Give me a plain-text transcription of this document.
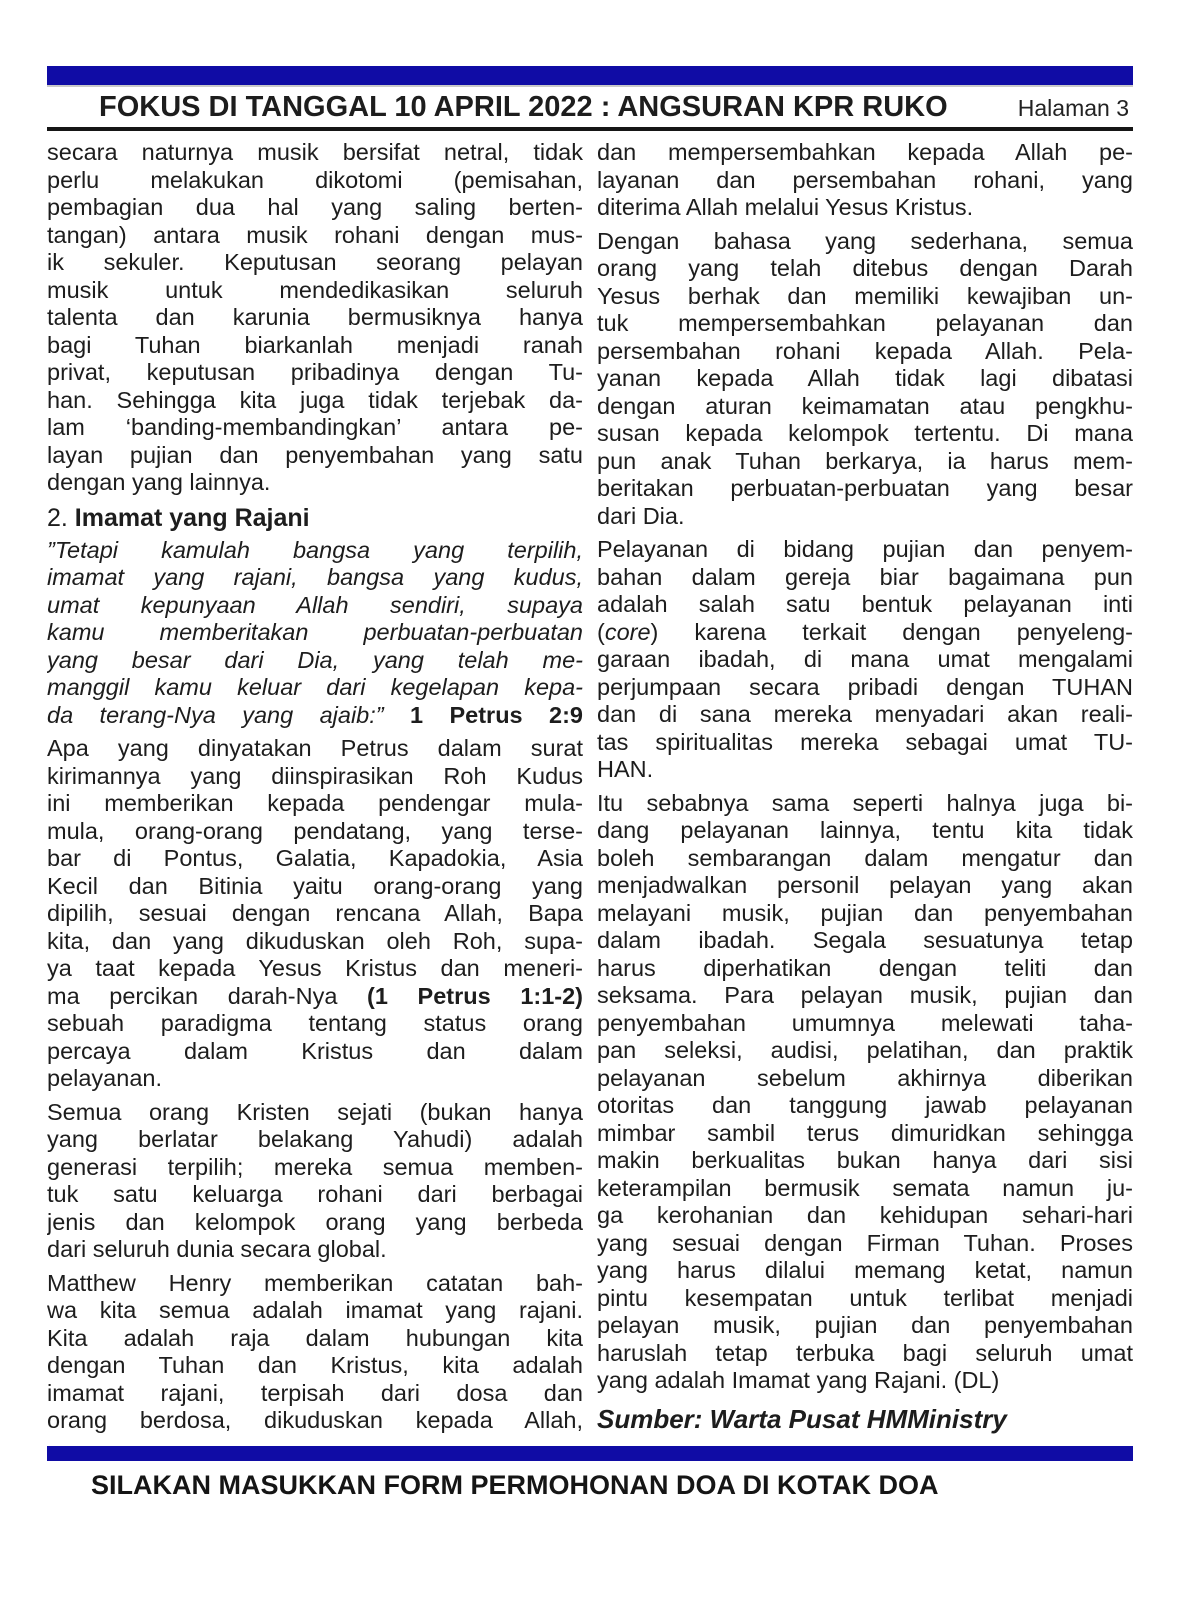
FOKUS DI TANGGAL 10 APRIL 2022 : ANGSURAN KPR RUKO	Halaman 3
secara naturnya musik bersifat netral, tidak
perlu melakukan dikotomi (pemisahan,
pembagian dua hal yang saling berten-
tangan) antara musik rohani dengan mus-
ik sekuler. Keputusan seorang pelayan
musik untuk mendedikasikan seluruh
talenta dan karunia bermusiknya hanya
bagi Tuhan biarkanlah menjadi ranah
privat, keputusan pribadinya dengan Tu-
han. Sehingga kita juga tidak terjebak da-
lam ‘banding-membandingkan’ antara pe-
layan pujian dan penyembahan yang satu
dengan yang lainnya.
2. Imamat yang Rajani
”Tetapi kamulah bangsa yang terpilih,
imamat yang rajani, bangsa yang kudus,
umat kepunyaan Allah sendiri, supaya
kamu memberitakan perbuatan-perbuatan
yang besar dari Dia, yang telah me-
manggil kamu keluar dari kegelapan kepa-
da terang-Nya yang ajaib:” 1 Petrus 2:9
Apa yang dinyatakan Petrus dalam surat
kirimannya yang diinspirasikan Roh Kudus
ini memberikan kepada pendengar mula-
mula, orang-orang pendatang, yang terse-
bar di Pontus, Galatia, Kapadokia, Asia
Kecil dan Bitinia yaitu orang-orang yang
dipilih, sesuai dengan rencana Allah, Bapa
kita, dan yang dikuduskan oleh Roh, supa-
ya taat kepada Yesus Kristus dan meneri-
ma percikan darah-Nya (1 Petrus 1:1-2)
sebuah paradigma tentang status orang
percaya dalam Kristus dan dalam
pelayanan.
Semua orang Kristen sejati (bukan hanya
yang berlatar belakang Yahudi) adalah
generasi terpilih; mereka semua memben-
tuk satu keluarga rohani dari berbagai
jenis dan kelompok orang yang berbeda
dari seluruh dunia secara global.
Matthew Henry memberikan catatan bah-
wa kita semua adalah imamat yang rajani.
Kita adalah raja dalam hubungan kita
dengan Tuhan dan Kristus, kita adalah
imamat rajani, terpisah dari dosa dan
orang berdosa, dikuduskan kepada Allah,
dan mempersembahkan kepada Allah pe-
layanan dan persembahan rohani, yang
diterima Allah melalui Yesus Kristus.
Dengan bahasa yang sederhana, semua
orang yang telah ditebus dengan Darah
Yesus berhak dan memiliki kewajiban un-
tuk mempersembahkan pelayanan dan
persembahan rohani kepada Allah. Pela-
yanan kepada Allah tidak lagi dibatasi
dengan aturan keimamatan atau pengkhu-
susan kepada kelompok tertentu. Di mana
pun anak Tuhan berkarya, ia harus mem-
beritakan perbuatan-perbuatan yang besar
dari Dia.
Pelayanan di bidang pujian dan penyem-
bahan dalam gereja biar bagaimana pun
adalah salah satu bentuk pelayanan inti
(core) karena terkait dengan penyeleng-
garaan ibadah, di mana umat mengalami
perjumpaan secara pribadi dengan TUHAN
dan di sana mereka menyadari akan reali-
tas spiritualitas mereka sebagai umat TU-
HAN.
Itu sebabnya sama seperti halnya juga bi-
dang pelayanan lainnya, tentu kita tidak
boleh sembarangan dalam mengatur dan
menjadwalkan personil pelayan yang akan
melayani musik, pujian dan penyembahan
dalam ibadah. Segala sesuatunya tetap
harus diperhatikan dengan teliti dan
seksama. Para pelayan musik, pujian dan
penyembahan umumnya melewati taha-
pan seleksi, audisi, pelatihan, dan praktik
pelayanan sebelum akhirnya diberikan
otoritas dan tanggung jawab pelayanan
mimbar sambil terus dimuridkan sehingga
makin berkualitas bukan hanya dari sisi
keterampilan bermusik semata namun ju-
ga kerohanian dan kehidupan sehari-hari
yang sesuai dengan Firman Tuhan. Proses
yang harus dilalui memang ketat, namun
pintu kesempatan untuk terlibat menjadi
pelayan musik, pujian dan penyembahan
haruslah tetap terbuka bagi seluruh umat
yang adalah Imamat yang Rajani. (DL)
Sumber: Warta Pusat HMMinistry
SILAKAN MASUKKAN FORM PERMOHONAN DOA DI KOTAK DOA
